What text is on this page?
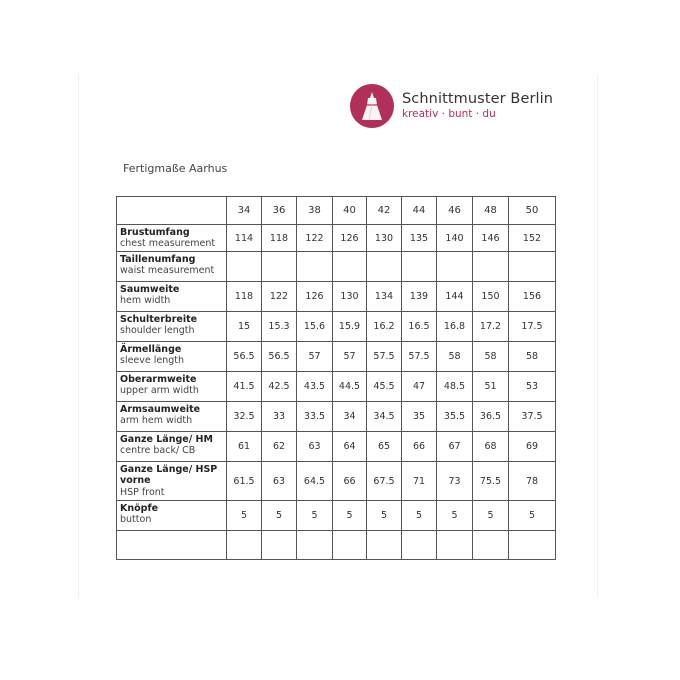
Schnittmuster Berlin
kreativ · bunt · du
Fertigmaße Aarhus
	34	36	38	40	42	44	46	48	50

Brustumfang
chest measurement	114	118	122	126	130	135	140	146	152

Taillenumfang
waist measurement									

Saumweite
hem width	118	122	126	130	134	139	144	150	156

Schulterbreite
shoulder length	15	15.3	15.6	15.9	16.2	16.5	16.8	17.2	17.5

Ärmellänge
sleeve length	56.5	56.5	57	57	57.5	57.5	58	58	58

Oberarmweite
upper arm width	41.5	42.5	43.5	44.5	45.5	47	48.5	51	53

Armsaumweite
arm hem width	32.5	33	33.5	34	34.5	35	35.5	36.5	37.5

Ganze Länge/ HM
centre back/ CB	61	62	63	64	65	66	67	68	69

Ganze Länge/ HSP vorne
HSP front	61.5	63	64.5	66	67.5	71	73	75.5	78

Knöpfe
button	5	5	5	5	5	5	5	5	5
